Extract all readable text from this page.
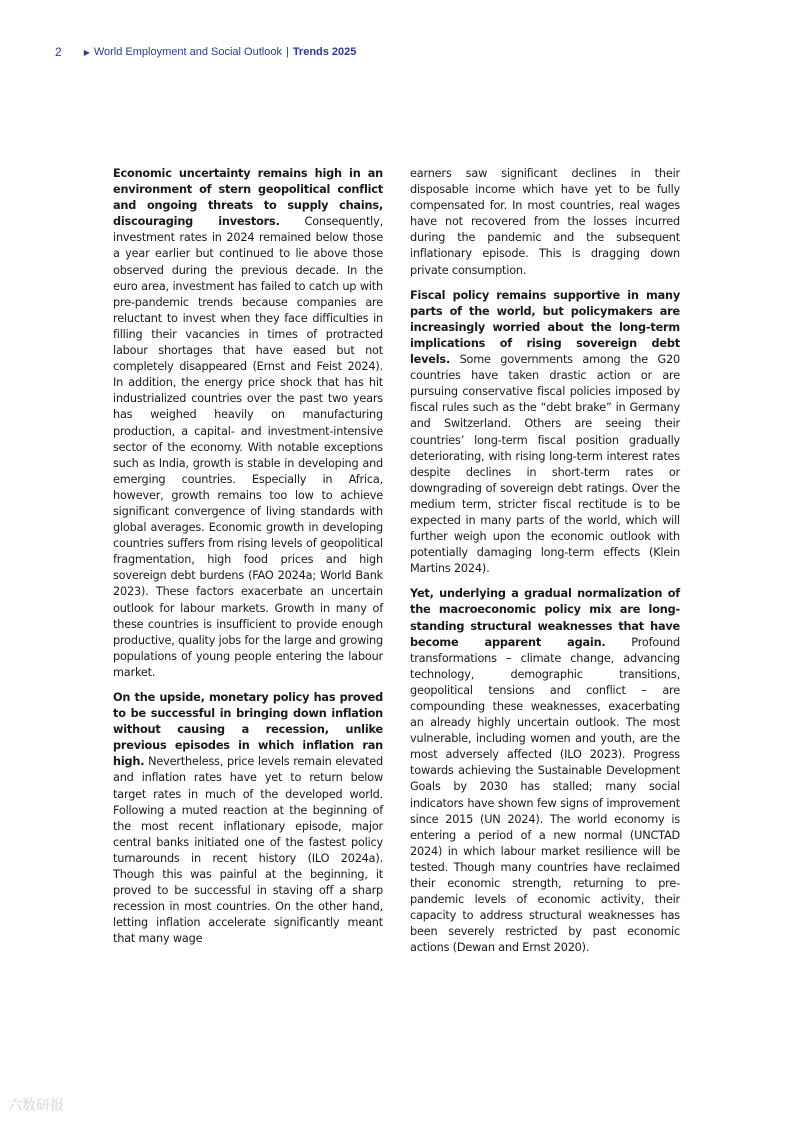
2	▶ World Employment and Social Outlook | Trends 2025

Economic uncertainty remains high in an environment of stern geopolitical conflict and ongoing threats to supply chains, discouraging investors. Consequently, investment rates in 2024 remained below those a year earlier but continued to lie above those observed during the previous decade. In the euro area, investment has failed to catch up with pre-pandemic trends because companies are reluctant to invest when they face difficulties in filling their vacancies in times of protracted labour shortages that have eased but not completely disappeared (Ernst and Feist 2024). In addition, the energy price shock that has hit industrialized countries over the past two years has weighed heavily on manufacturing production, a capital- and investment-intensive sector of the economy. With notable exceptions such as India, growth is stable in developing and emerging countries. Especially in Africa, however, growth remains too low to achieve significant convergence of living standards with global averages. Economic growth in developing countries suffers from rising levels of geopolitical fragmentation, high food prices and high sovereign debt burdens (FAO 2024a; World Bank 2023). These factors exacerbate an uncertain outlook for labour markets. Growth in many of these countries is insufficient to provide enough productive, quality jobs for the large and growing populations of young people entering the labour market.

On the upside, monetary policy has proved to be successful in bringing down inflation without causing a recession, unlike previous episodes in which inflation ran high. Nevertheless, price levels remain elevated and inflation rates have yet to return below target rates in much of the developed world. Following a muted reaction at the beginning of the most recent inflationary episode, major central banks initiated one of the fastest policy turnarounds in recent history (ILO 2024a). Though this was painful at the beginning, it proved to be successful in staving off a sharp recession in most countries. On the other hand, letting inflation accelerate significantly meant that many wage

earners saw significant declines in their disposable income which have yet to be fully compensated for. In most countries, real wages have not recovered from the losses incurred during the pandemic and the subsequent inflationary episode. This is dragging down private consumption.

Fiscal policy remains supportive in many parts of the world, but policymakers are increasingly worried about the long-term implications of rising sovereign debt levels. Some governments among the G20 countries have taken drastic action or are pursuing conservative fiscal policies imposed by fiscal rules such as the “debt brake” in Germany and Switzerland. Others are seeing their countries’ long-term fiscal position gradually deteriorating, with rising long-term interest rates despite declines in short-term rates or downgrading of sovereign debt ratings. Over the medium term, stricter fiscal rectitude is to be expected in many parts of the world, which will further weigh upon the economic outlook with potentially damaging long-term effects (Klein Martins 2024).

Yet, underlying a gradual normalization of the macroeconomic policy mix are long-standing structural weaknesses that have become apparent again. Profound transformations – climate change, advancing technology, demographic transitions, geopolitical tensions and conflict – are compounding these weaknesses, exacerbating an already highly uncertain outlook. The most vulnerable, including women and youth, are the most adversely affected (ILO 2023). Progress towards achieving the Sustainable Development Goals by 2030 has stalled; many social indicators have shown few signs of improvement since 2015 (UN 2024). The world economy is entering a period of a new normal (UNCTAD 2024) in which labour market resilience will be tested. Though many countries have reclaimed their economic strength, returning to pre-pandemic levels of economic activity, their capacity to address structural weaknesses has been severely restricted by past economic actions (Dewan and Ernst 2020).

六数研报
